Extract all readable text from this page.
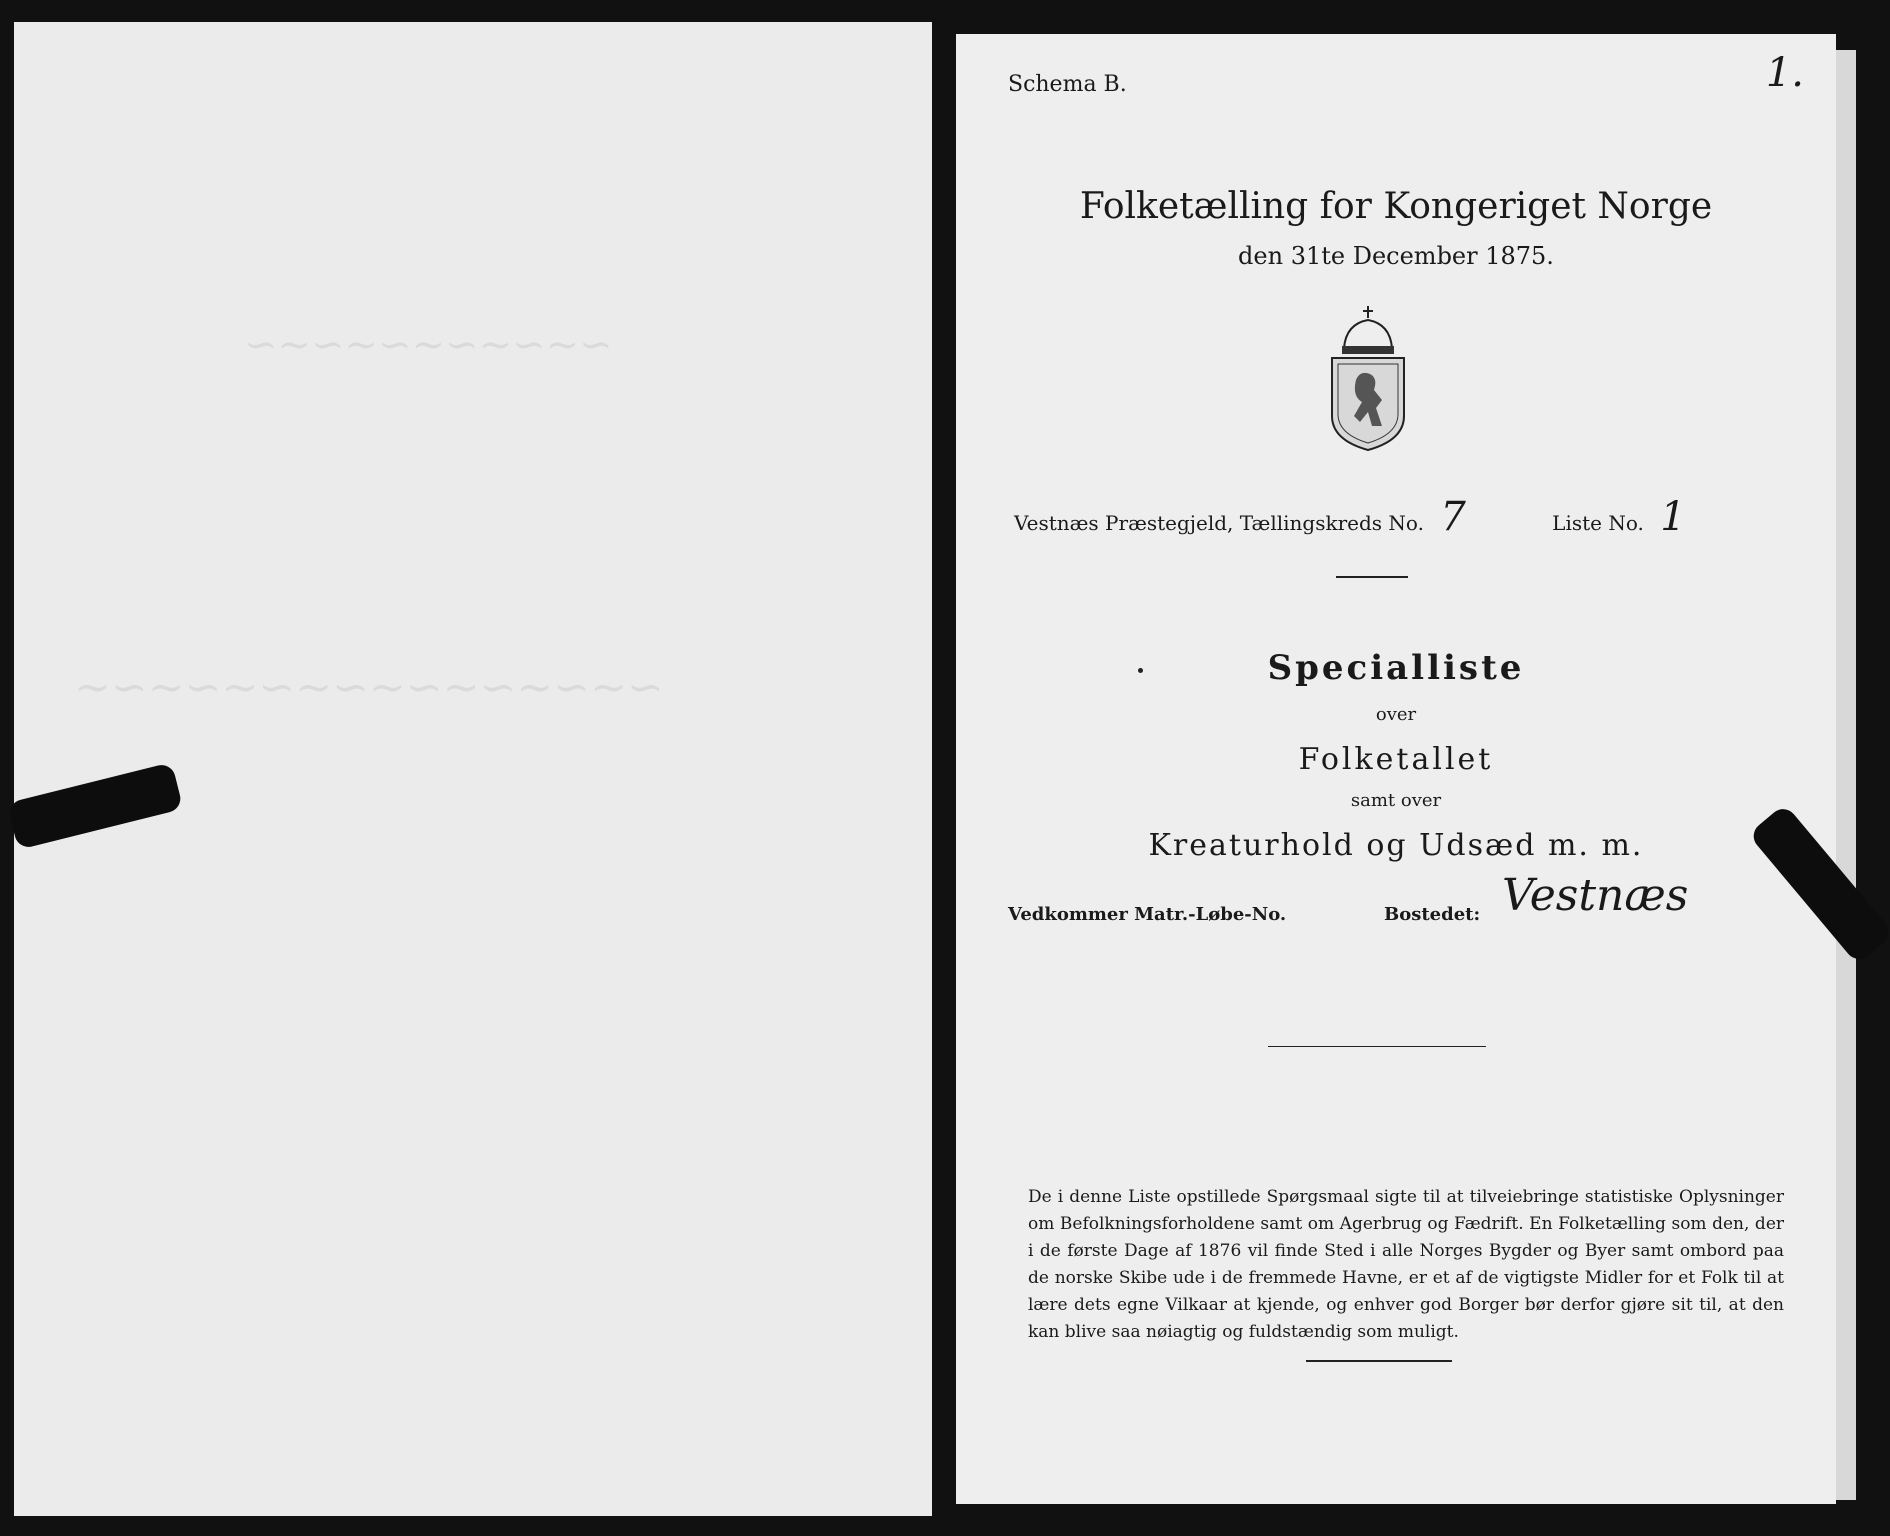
∽∼∽∼∽∼∽∼∽∼∽
∼∽∼∽∼∽∼∽∼∽∼∽∼∽∼∽
Schema B.	1.
Folketælling for Kongeriget Norge
den 31te December 1875.
Vestnæs Præstegjeld, Tællingskreds No. 7	Liste No. 1
Specialliste
over
Folketallet
samt over
Kreaturhold og Udsæd m. m.
Vedkommer Matr.-Løbe-No.	Bostedet: Vestnæs
De i denne Liste opstillede Spørgsmaal sigte til at tilveiebringe statistiske Oplysninger om Befolkningsforholdene samt om Agerbrug og Fædrift. En Folketælling som den, der i de første Dage af 1876 vil finde Sted i alle Norges Bygder og Byer samt ombord paa de norske Skibe ude i de fremmede Havne, er et af de vigtigste Midler for et Folk til at lære dets egne Vilkaar at kjende, og enhver god Borger bør derfor gjøre sit til, at den kan blive saa nøiagtig og fuldstændig som muligt.
